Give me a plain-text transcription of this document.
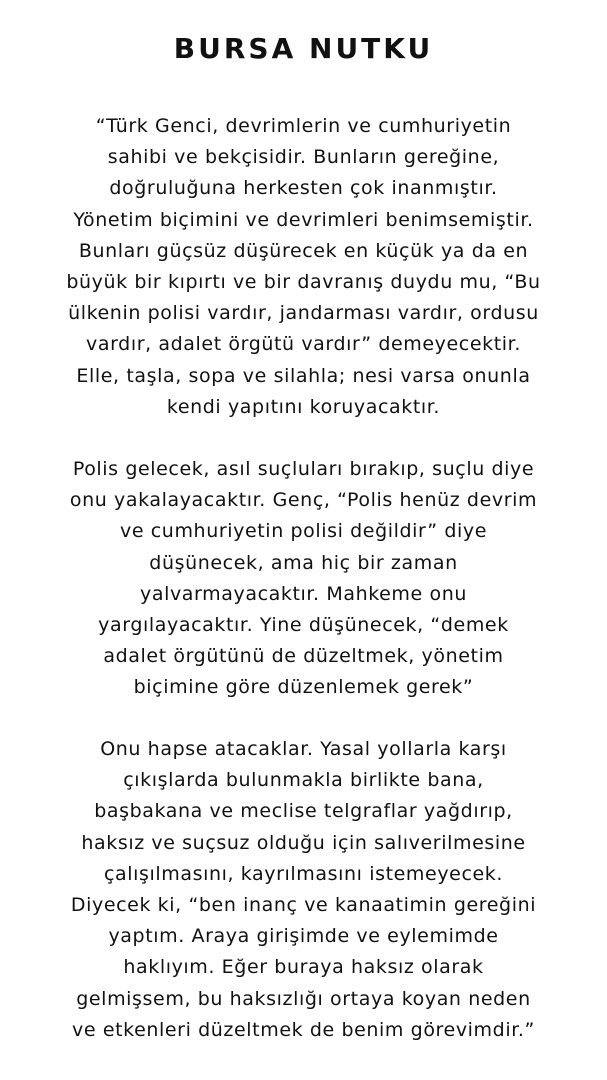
BURSA NUTKU

“Türk Genci, devrimlerin ve cumhuriyetin
sahibi ve bekçisidir. Bunların gereğine,
doğruluğuna herkesten çok inanmıştır.
Yönetim biçimini ve devrimleri benimsemiştir.
Bunları güçsüz düşürecek en küçük ya da en
büyük bir kıpırtı ve bir davranış duydu mu, “Bu
ülkenin polisi vardır, jandarması vardır, ordusu
vardır, adalet örgütü vardır” demeyecektir.
Elle, taşla, sopa ve silahla; nesi varsa onunla
kendi yapıtını koruyacaktır.

Polis gelecek, asıl suçluları bırakıp, suçlu diye
onu yakalayacaktır. Genç, “Polis henüz devrim
ve cumhuriyetin polisi değildir” diye
düşünecek, ama hiç bir zaman
yalvarmayacaktır. Mahkeme onu
yargılayacaktır. Yine düşünecek, “demek
adalet örgütünü de düzeltmek, yönetim
biçimine göre düzenlemek gerek”

Onu hapse atacaklar. Yasal yollarla karşı
çıkışlarda bulunmakla birlikte bana,
başbakana ve meclise telgraflar yağdırıp,
haksız ve suçsuz olduğu için salıverilmesine
çalışılmasını, kayrılmasını istemeyecek.
Diyecek ki, “ben inanç ve kanaatimin gereğini
yaptım. Araya girişimde ve eylemimde
haklıyım. Eğer buraya haksız olarak
gelmişsem, bu haksızlığı ortaya koyan neden
ve etkenleri düzeltmek de benim görevimdir.”
